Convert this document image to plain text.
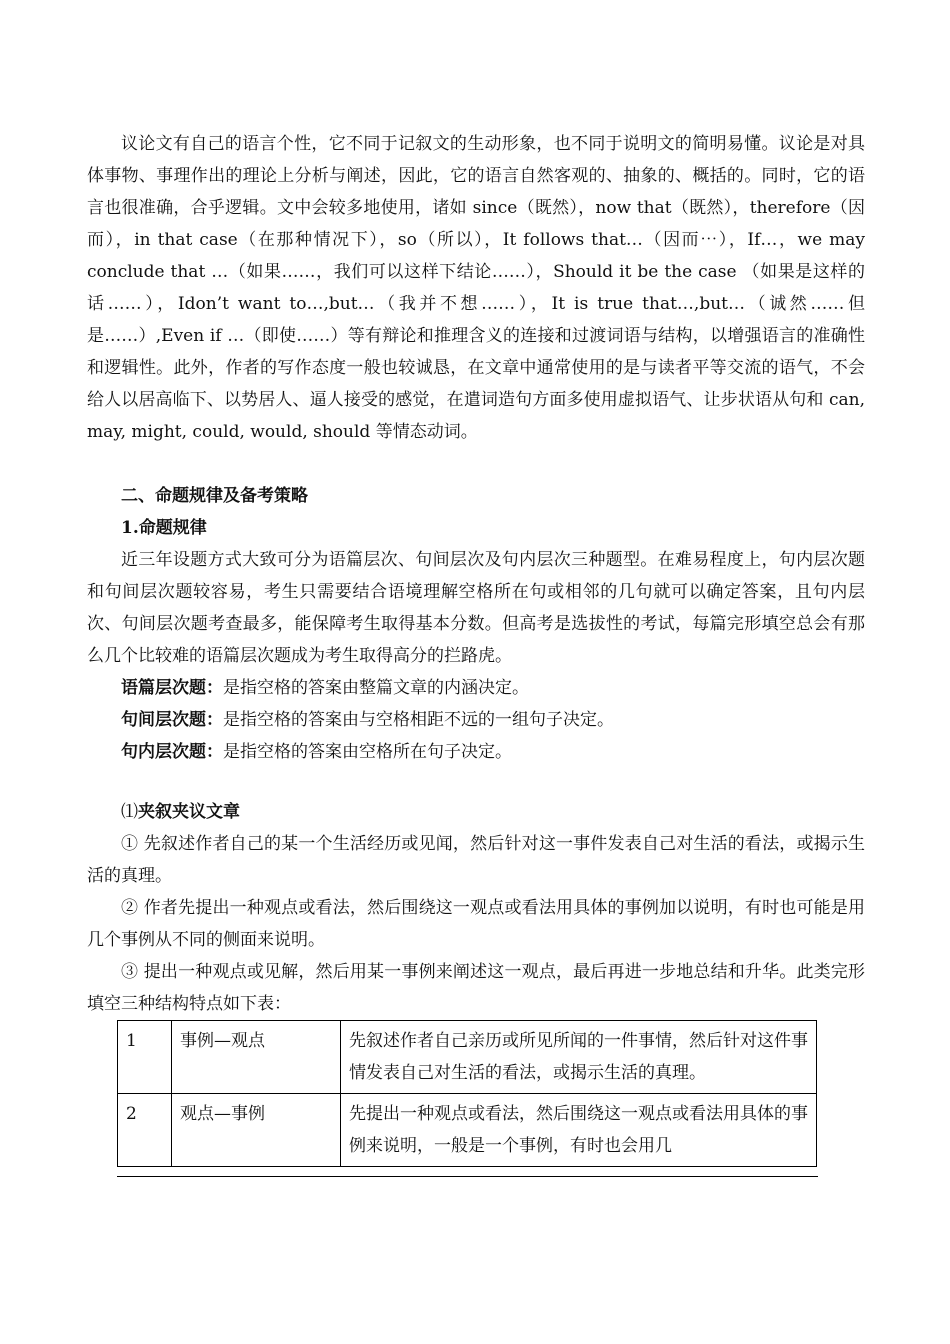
议论文有自己的语言个性，它不同于记叙文的生动形象，也不同于说明文的简明易懂。议论是对具体事物、事理作出的理论上分析与阐述，因此，它的语言自然客观的、抽象的、概括的。同时，它的语言也很准确，合乎逻辑。文中会较多地使用，诸如 since（既然），now that（既然），therefore（因而），in that case（在那种情况下），so（所以），It follows that…（因而⋯），If…，we may conclude that …（如果……，我们可以这样下结论……），Should it be the case （如果是这样的话……），Idon’t want to…,but…（我并不想……），It is true that…,but…（诚然……但是……）,Even if …（即使……）等有辩论和推理含义的连接和过渡词语与结构，以增强语言的准确性和逻辑性。此外，作者的写作态度一般也较诚恳，在文章中通常使用的是与读者平等交流的语气，不会给人以居高临下、以势居人、逼人接受的感觉，在遣词造句方面多使用虚拟语气、让步状语从句和 can, may, might, could, would, should 等情态动词。

二、命题规律及备考策略

1.命题规律

近三年设题方式大致可分为语篇层次、句间层次及句内层次三种题型。在难易程度上，句内层次题和句间层次题较容易，考生只需要结合语境理解空格所在句或相邻的几句就可以确定答案，且句内层次、句间层次题考查最多，能保障考生取得基本分数。但高考是选拔性的考试，每篇完形填空总会有那么几个比较难的语篇层次题成为考生取得高分的拦路虎。

语篇层次题：是指空格的答案由整篇文章的内涵决定。

句间层次题：是指空格的答案由与空格相距不远的一组句子决定。

句内层次题：是指空格的答案由空格所在句子决定。

⑴夹叙夹议文章

① 先叙述作者自己的某一个生活经历或见闻，然后针对这一事件发表自己对生活的看法，或揭示生活的真理。

② 作者先提出一种观点或看法，然后围绕这一观点或看法用具体的事例加以说明，有时也可能是用几个事例从不同的侧面来说明。

③ 提出一种观点或见解，然后用某一事例来阐述这一观点，最后再进一步地总结和升华。此类完形填空三种结构特点如下表：

1	事例—观点	先叙述作者自己亲历或所见所闻的一件事情，然后针对这件事情发表自己对生活的看法，或揭示生活的真理。
2	观点—事例	先提出一种观点或看法，然后围绕这一观点或看法用具体的事例来说明，一般是一个事例，有时也会用几
